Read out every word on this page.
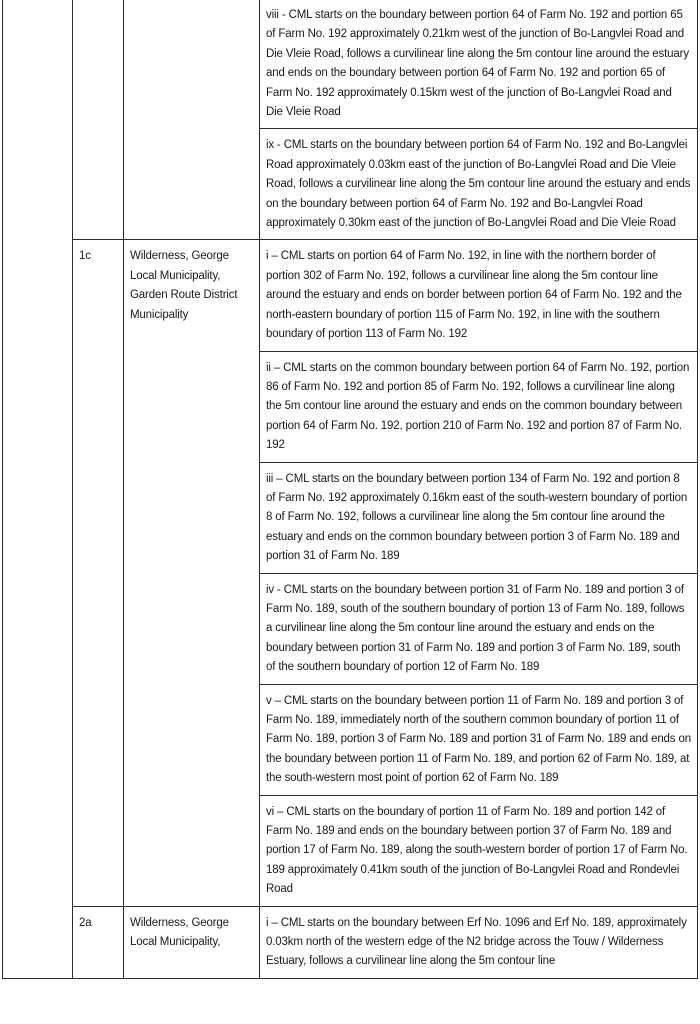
			viii - CML starts on the boundary between portion 64 of Farm No. 192 and portion 65 of Farm No. 192 approximately 0.21km west of the junction of Bo-Langvlei Road and Die Vleie Road, follows a curvilinear line along the 5m contour line around the estuary and ends on the boundary between portion 64 of Farm No. 192 and portion 65 of Farm No. 192 approximately 0.15km west of the junction of Bo-Langvlei Road and Die Vleie Road
			ix - CML starts on the boundary between portion 64 of Farm No. 192 and Bo-Langvlei Road approximately 0.03km east of the junction of Bo-Langvlei Road and Die Vleie Road, follows a curvilinear line along the 5m contour line around the estuary and ends on the boundary between portion 64 of Farm No. 192 and Bo-Langvlei Road approximately 0.30km east of the junction of Bo-Langvlei Road and Die Vleie Road
	1c	Wilderness, George Local Municipality, Garden Route District Municipality	i – CML starts on portion 64 of Farm No. 192, in line with the northern border of portion 302 of Farm No. 192, follows a curvilinear line along the 5m contour line around the estuary and ends on border between portion 64 of Farm No. 192 and the north-eastern boundary of portion 115 of Farm No. 192, in line with the southern boundary of portion 113 of Farm No. 192
			ii – CML starts on the common boundary between portion 64 of Farm No. 192, portion 86 of Farm No. 192 and portion 85 of Farm No. 192, follows a curvilinear line along the 5m contour line around the estuary and ends on the common boundary between portion 64 of Farm No. 192, portion 210 of Farm No. 192 and portion 87 of Farm No. 192
			iii – CML starts on the boundary between portion 134 of Farm No. 192 and portion 8 of Farm No. 192 approximately 0.16km east of the south-western boundary of portion 8 of Farm No. 192, follows a curvilinear line along the 5m contour line around the estuary and ends on the common boundary between portion 3 of Farm No. 189 and portion 31 of Farm No. 189
			iv - CML starts on the boundary between portion 31 of Farm No. 189 and portion 3 of Farm No. 189, south of the southern boundary of portion 13 of Farm No. 189, follows a curvilinear line along the 5m contour line around the estuary and ends on the boundary between portion 31 of Farm No. 189 and portion 3 of Farm No. 189, south of the southern boundary of portion 12 of Farm No. 189
			v – CML starts on the boundary between portion 11 of Farm No. 189 and portion 3 of Farm No. 189, immediately north of the southern common boundary of portion 11 of Farm No. 189, portion 3 of Farm No. 189 and portion 31 of Farm No. 189 and ends on the boundary between portion 11 of Farm No. 189, and portion 62 of Farm No. 189, at the south-western most point of portion 62 of Farm No. 189
			vi – CML starts on the boundary of portion 11 of Farm No. 189 and portion 142 of Farm No. 189 and ends on the boundary between portion 37 of Farm No. 189 and portion 17 of Farm No. 189, along the south-western border of portion 17 of Farm No. 189 approximately 0.41km south of the junction of Bo-Langvlei Road and Rondevlei Road
	2a	Wilderness, George Local Municipality,	i – CML starts on the boundary between Erf No. 1096 and Erf No. 189, approximately 0.03km north of the western edge of the N2 bridge across the Touw / Wilderness Estuary, follows a curvilinear line along the 5m contour line
